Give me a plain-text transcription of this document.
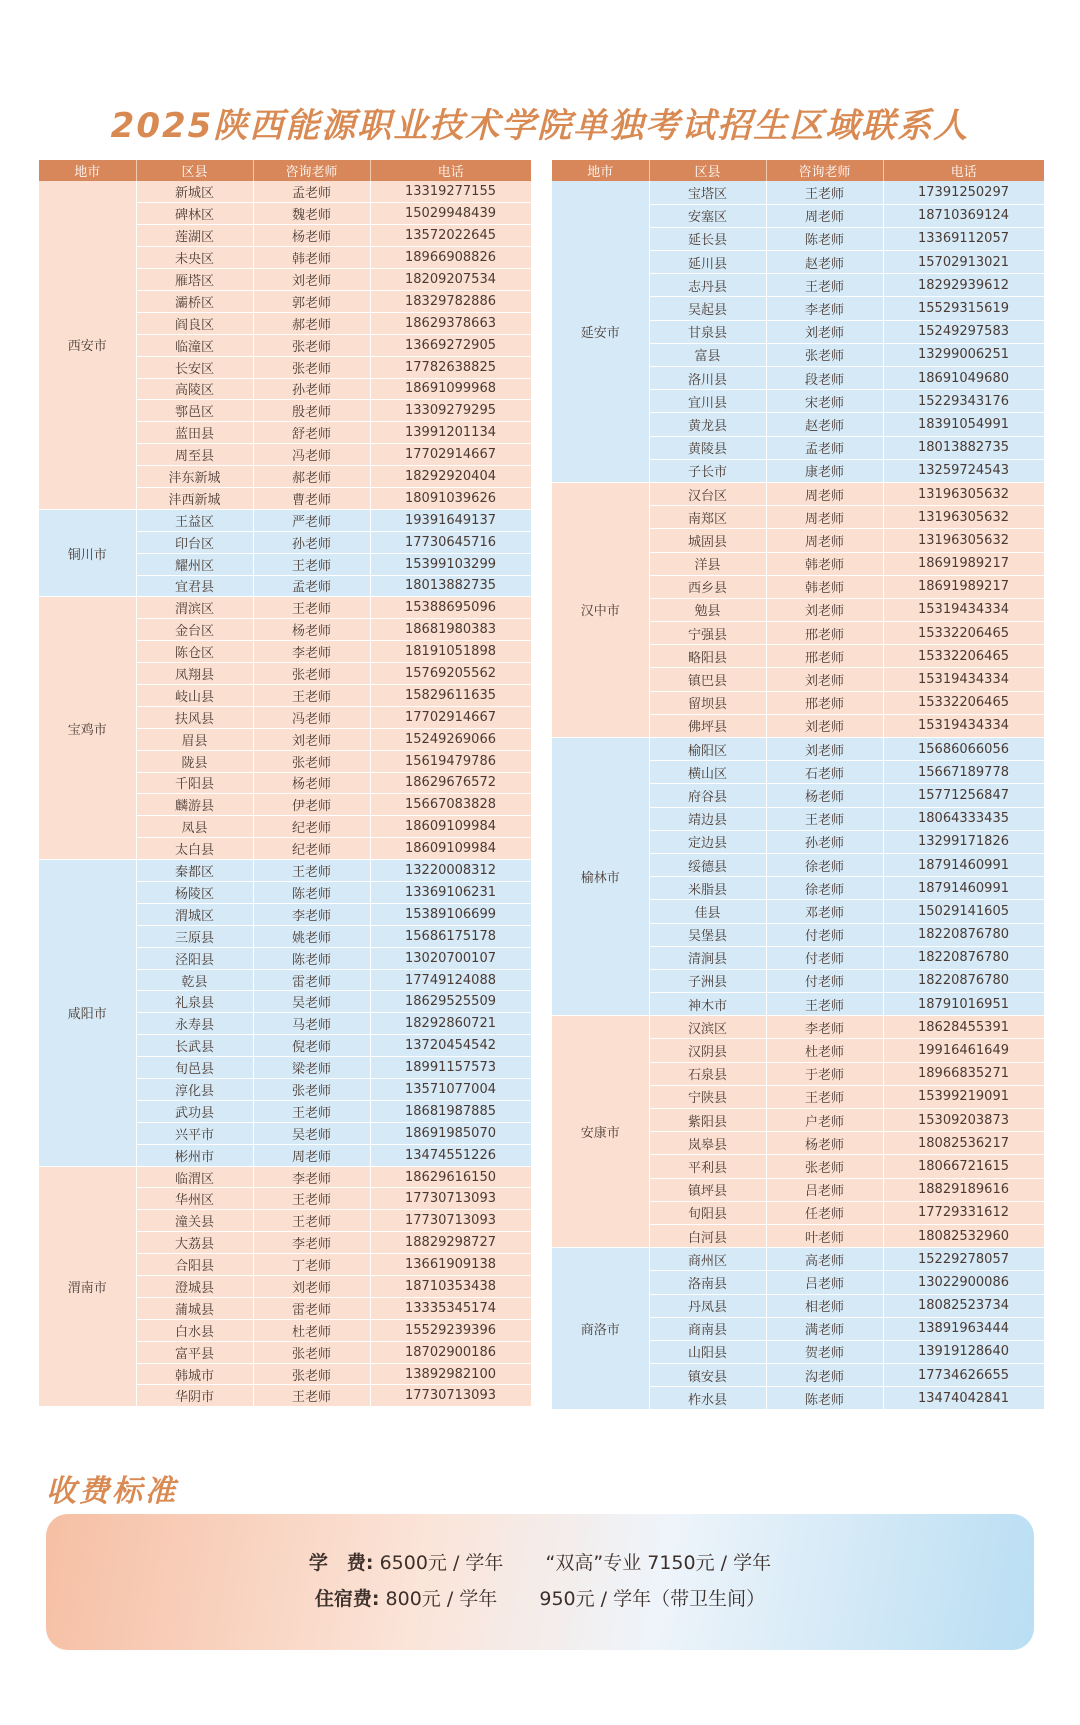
2025陕西能源职业技术学院单独考试招生区域联系人
地市	区县	咨询老师	电话
西安市	新城区	孟老师	13319277155
	碑林区	魏老师	15029948439
	莲湖区	杨老师	13572022645
	未央区	韩老师	18966908826
	雁塔区	刘老师	18209207534
	灞桥区	郭老师	18329782886
	阎良区	郝老师	18629378663
	临潼区	张老师	13669272905
	长安区	张老师	17782638825
	高陵区	孙老师	18691099968
	鄠邑区	殷老师	13309279295
	蓝田县	舒老师	13991201134
	周至县	冯老师	17702914667
	沣东新城	郝老师	18292920404
	沣西新城	曹老师	18091039626
铜川市	王益区	严老师	19391649137
	印台区	孙老师	17730645716
	耀州区	王老师	15399103299
	宜君县	孟老师	18013882735
宝鸡市	渭滨区	王老师	15388695096
	金台区	杨老师	18681980383
	陈仓区	李老师	18191051898
	凤翔县	张老师	15769205562
	岐山县	王老师	15829611635
	扶风县	冯老师	17702914667
	眉县	刘老师	15249269066
	陇县	张老师	15619479786
	千阳县	杨老师	18629676572
	麟游县	伊老师	15667083828
	凤县	纪老师	18609109984
	太白县	纪老师	18609109984
咸阳市	秦都区	王老师	13220008312
	杨陵区	陈老师	13369106231
	渭城区	李老师	15389106699
	三原县	姚老师	15686175178
	泾阳县	陈老师	13020700107
	乾县	雷老师	17749124088
	礼泉县	吴老师	18629525509
	永寿县	马老师	18292860721
	长武县	倪老师	13720454542
	旬邑县	梁老师	18991157573
	淳化县	张老师	13571077004
	武功县	王老师	18681987885
	兴平市	吴老师	18691985070
	彬州市	周老师	13474551226
渭南市	临渭区	李老师	18629616150
	华州区	王老师	17730713093
	潼关县	王老师	17730713093
	大荔县	李老师	18829298727
	合阳县	丁老师	13661909138
	澄城县	刘老师	18710353438
	蒲城县	雷老师	13335345174
	白水县	杜老师	15529239396
	富平县	张老师	18702900186
	韩城市	张老师	13892982100
	华阴市	王老师	17730713093
地市	区县	咨询老师	电话
延安市	宝塔区	王老师	17391250297
	安塞区	周老师	18710369124
	延长县	陈老师	13369112057
	延川县	赵老师	15702913021
	志丹县	王老师	18292939612
	吴起县	李老师	15529315619
	甘泉县	刘老师	15249297583
	富县	张老师	13299006251
	洛川县	段老师	18691049680
	宜川县	宋老师	15229343176
	黄龙县	赵老师	18391054991
	黄陵县	孟老师	18013882735
	子长市	康老师	13259724543
汉中市	汉台区	周老师	13196305632
	南郑区	周老师	13196305632
	城固县	周老师	13196305632
	洋县	韩老师	18691989217
	西乡县	韩老师	18691989217
	勉县	刘老师	15319434334
	宁强县	邢老师	15332206465
	略阳县	邢老师	15332206465
	镇巴县	刘老师	15319434334
	留坝县	邢老师	15332206465
	佛坪县	刘老师	15319434334
榆林市	榆阳区	刘老师	15686066056
	横山区	石老师	15667189778
	府谷县	杨老师	15771256847
	靖边县	王老师	18064333435
	定边县	孙老师	13299171826
	绥德县	徐老师	18791460991
	米脂县	徐老师	18791460991
	佳县	邓老师	15029141605
	吴堡县	付老师	18220876780
	清涧县	付老师	18220876780
	子洲县	付老师	18220876780
	神木市	王老师	18791016951
安康市	汉滨区	李老师	18628455391
	汉阴县	杜老师	19916461649
	石泉县	于老师	18966835271
	宁陕县	王老师	15399219091
	紫阳县	户老师	15309203873
	岚皋县	杨老师	18082536217
	平利县	张老师	18066721615
	镇坪县	吕老师	18829189616
	旬阳县	任老师	17729331612
	白河县	叶老师	18082532960
商洛市	商州区	高老师	15229278057
	洛南县	吕老师	13022900086
	丹凤县	相老师	18082523734
	商南县	满老师	13891963444
	山阳县	贺老师	13919128640
	镇安县	沟老师	17734626655
	柞水县	陈老师	13474042841
收费标准
学　费: 6500元 / 学年 “双高”专业 7150元 / 学年
住宿费: 800元 / 学年 950元 / 学年（带卫生间）
